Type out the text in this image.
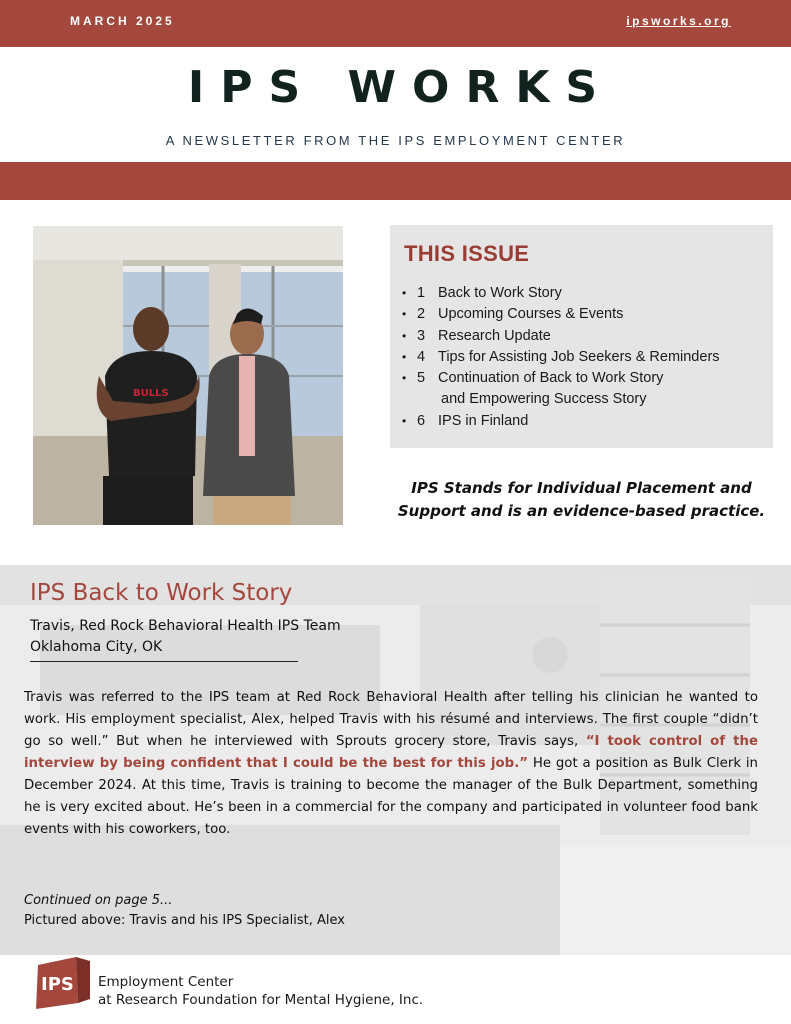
MARCH 2025	ipsworks.org
IPS WORKS
A NEWSLETTER FROM THE IPS EMPLOYMENT CENTER
BULLS
THIS ISSUE
• 1 Back to Work Story
• 2 Upcoming Courses & Events
• 3 Research Update
• 4 Tips for Assisting Job Seekers & Reminders
• 5 Continuation of Back to Work Story
and Empowering Success Story
• 6 IPS in Finland
IPS Stands for Individual Placement and Support and is an evidence-based practice.
IPS Back to Work Story
Travis, Red Rock Behavioral Health IPS Team
Oklahoma City, OK
Travis was referred to the IPS team at Red Rock Behavioral Health after telling his clinician he wanted to work. His employment specialist, Alex, helped Travis with his résumé and interviews. The first couple “didn’t go so well.” But when he interviewed with Sprouts grocery store, Travis says, “I took control of the interview by being confident that I could be the best for this job.” He got a position as Bulk Clerk in December 2024. At this time, Travis is training to become the manager of the Bulk Department, something he is very excited about. He’s been in a commercial for the company and participated in volunteer food bank events with his coworkers, too.
Continued on page 5...
Pictured above: Travis and his IPS Specialist, Alex
IPS Employment Center
at Research Foundation for Mental Hygiene, Inc.
